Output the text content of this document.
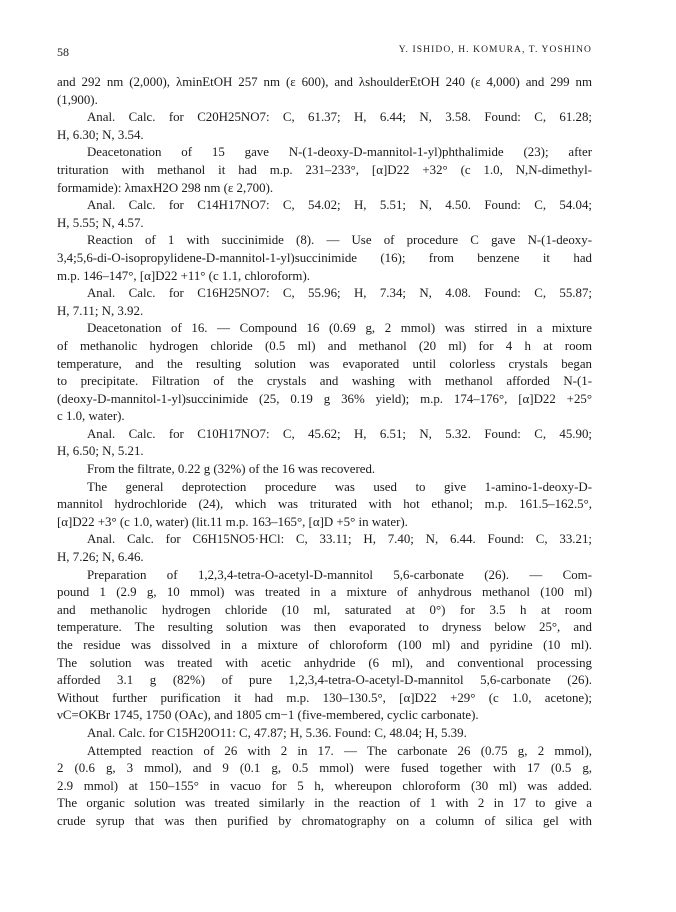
58	Y. ISHIDO, H. KOMURA, T. YOSHINO
and 292 nm (2,000), λminEtOH 257 nm (ε 600), and λshoulderEtOH 240 (ε 4,000) and 299 nm
(1,900).
Anal. Calc. for C20H25NO7: C, 61.37; H, 6.44; N, 3.58. Found: C, 61.28;
H, 6.30; N, 3.54.
Deacetonation of 15 gave N-(1-deoxy-D-mannitol-1-yl)phthalimide (23); after
trituration with methanol it had m.p. 231–233°, [α]D22 +32° (c 1.0, N,N-dimethyl-
formamide): λmaxH2O 298 nm (ε 2,700).
Anal. Calc. for C14H17NO7: C, 54.02; H, 5.51; N, 4.50. Found: C, 54.04;
H, 5.55; N, 4.57.
Reaction of 1 with succinimide (8). — Use of procedure C gave N-(1-deoxy-
3,4;5,6-di-O-isopropylidene-D-mannitol-1-yl)succinimide (16); from benzene it had
m.p. 146–147°, [α]D22 +11° (c 1.1, chloroform).
Anal. Calc. for C16H25NO7: C, 55.96; H, 7.34; N, 4.08. Found: C, 55.87;
H, 7.11; N, 3.92.
Deacetonation of 16. — Compound 16 (0.69 g, 2 mmol) was stirred in a mixture
of methanolic hydrogen chloride (0.5 ml) and methanol (20 ml) for 4 h at room
temperature, and the resulting solution was evaporated until colorless crystals began
to precipitate. Filtration of the crystals and washing with methanol afforded N-(1-
(deoxy-D-mannitol-1-yl)succinimide (25, 0.19 g 36% yield); m.p. 174–176°, [α]D22 +25°
c 1.0, water).
Anal. Calc. for C10H17NO7: C, 45.62; H, 6.51; N, 5.32. Found: C, 45.90;
H, 6.50; N, 5.21.
From the filtrate, 0.22 g (32%) of the 16 was recovered.
The general deprotection procedure was used to give 1-amino-1-deoxy-D-
mannitol hydrochloride (24), which was triturated with hot ethanol; m.p. 161.5–162.5°,
[α]D22 +3° (c 1.0, water) (lit.11 m.p. 163–165°, [α]D +5° in water).
Anal. Calc. for C6H15NO5·HCl: C, 33.11; H, 7.40; N, 6.44. Found: C, 33.21;
H, 7.26; N, 6.46.
Preparation of 1,2,3,4-tetra-O-acetyl-D-mannitol 5,6-carbonate (26). — Com-
pound 1 (2.9 g, 10 mmol) was treated in a mixture of anhydrous methanol (100 ml)
and methanolic hydrogen chloride (10 ml, saturated at 0°) for 3.5 h at room
temperature. The resulting solution was then evaporated to dryness below 25°, and
the residue was dissolved in a mixture of chloroform (100 ml) and pyridine (10 ml).
The solution was treated with acetic anhydride (6 ml), and conventional processing
afforded 3.1 g (82%) of pure 1,2,3,4-tetra-O-acetyl-D-mannitol 5,6-carbonate (26).
Without further purification it had m.p. 130–130.5°, [α]D22 +29° (c 1.0, acetone);
νC=OKBr 1745, 1750 (OAc), and 1805 cm−1 (five-membered, cyclic carbonate).
Anal. Calc. for C15H20O11: C, 47.87; H, 5.36. Found: C, 48.04; H, 5.39.
Attempted reaction of 26 with 2 in 17. — The carbonate 26 (0.75 g, 2 mmol),
2 (0.6 g, 3 mmol), and 9 (0.1 g, 0.5 mmol) were fused together with 17 (0.5 g,
2.9 mmol) at 150–155° in vacuo for 5 h, whereupon chloroform (30 ml) was added.
The organic solution was treated similarly in the reaction of 1 with 2 in 17 to give a
crude syrup that was then purified by chromatography on a column of silica gel with
